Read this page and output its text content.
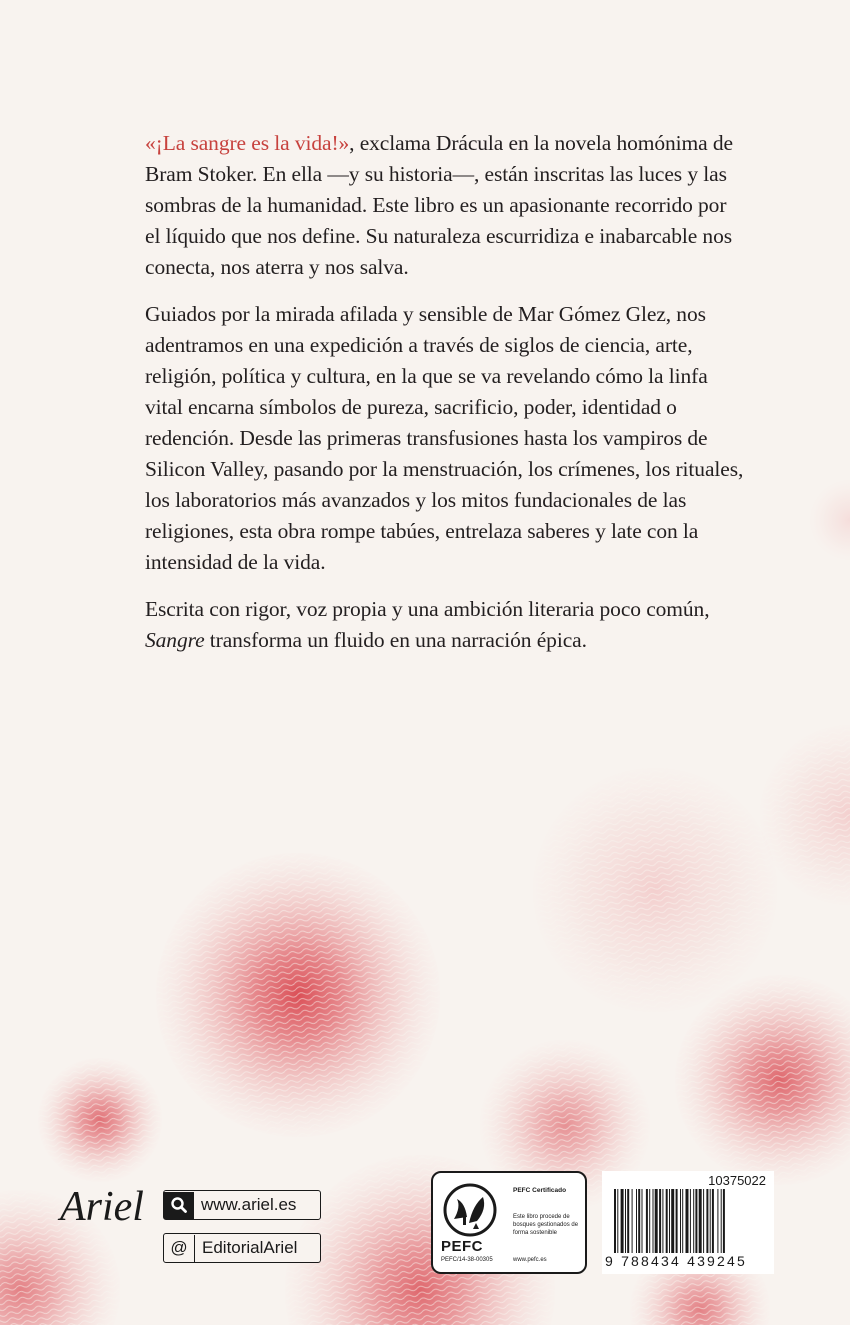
«¡La sangre es la vida!», exclama Drácula en la novela homónima de Bram Stoker. En ella —y su historia—, están inscritas las luces y las sombras de la humanidad. Este libro es un apasionante recorrido por el líquido que nos define. Su naturaleza escurridiza e inabarcable nos conecta, nos aterra y nos salva.

Guiados por la mirada afilada y sensible de Mar Gómez Glez, nos adentramos en una expedición a través de siglos de ciencia, arte, religión, política y cultura, en la que se va revelando cómo la linfa vital encarna símbolos de pureza, sacrificio, poder, identidad o redención. Desde las primeras transfusiones hasta los vampiros de Silicon Valley, pasando por la menstruación, los crímenes, los rituales, los laboratorios más avanzados y los mitos fundacionales de las religiones, esta obra rompe tabúes, entrelaza saberes y late con la intensidad de la vida.

Escrita con rigor, voz propia y una ambición literaria poco común, Sangre transforma un fluido en una narración épica.

Ariel	www.ariel.es
@ EditorialAriel	PEFC
PEFC/14-38-00305
PEFC Certificado
Este libro procede de bosques gestionados de forma sostenible
www.pefc.es
10375022
9 788434 439245
